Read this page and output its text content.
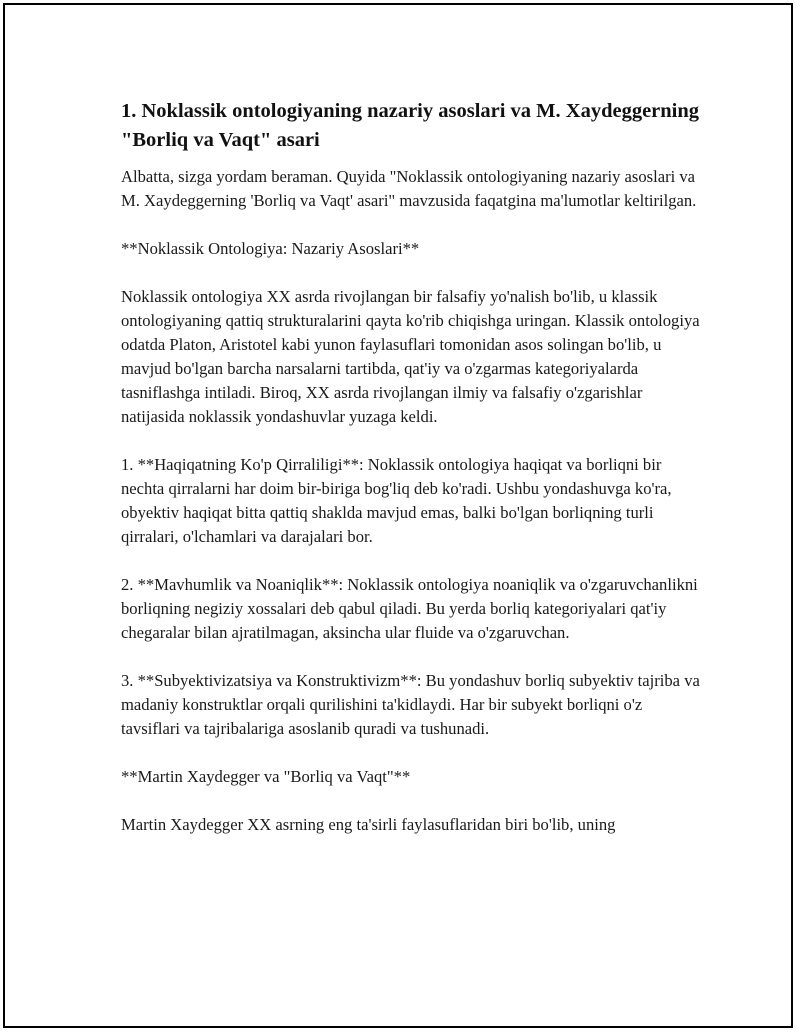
1. Noklassik ontologiyaning nazariy asoslari va M. Xaydeggerning "Borliq va Vaqt" asari

Albatta, sizga yordam beraman. Quyida "Noklassik ontologiyaning nazariy asoslari va M. Xaydeggerning 'Borliq va Vaqt' asari" mavzusida faqatgina ma'lumotlar keltirilgan.

**Noklassik Ontologiya: Nazariy Asoslari**

Noklassik ontologiya XX asrda rivojlangan bir falsafiy yo'nalish bo'lib, u klassik ontologiyaning qattiq strukturalarini qayta ko'rib chiqishga uringan. Klassik ontologiya odatda Platon, Aristotel kabi yunon faylasuflari tomonidan asos solingan bo'lib, u mavjud bo'lgan barcha narsalarni tartibda, qat'iy va o'zgarmas kategoriyalarda tasniflashga intiladi. Biroq, XX asrda rivojlangan ilmiy va falsafiy o'zgarishlar natijasida noklassik yondashuvlar yuzaga keldi.

1. **Haqiqatning Ko'p Qirraliligi**: Noklassik ontologiya haqiqat va borliqni bir nechta qirralarni har doim bir-biriga bog'liq deb ko'radi. Ushbu yondashuvga ko'ra, obyektiv haqiqat bitta qattiq shaklda mavjud emas, balki bo'lgan borliqning turli qirralari, o'lchamlari va darajalari bor.

2. **Mavhumlik va Noaniqlik**: Noklassik ontologiya noaniqlik va o'zgaruvchanlikni borliqning negiziy xossalari deb qabul qiladi. Bu yerda borliq kategoriyalari qat'iy chegaralar bilan ajratilmagan, aksincha ular fluide va o'zgaruvchan.

3. **Subyektivizatsiya va Konstruktivizm**: Bu yondashuv borliq subyektiv tajriba va madaniy konstruktlar orqali qurilishini ta'kidlaydi. Har bir subyekt borliqni o'z tavsiflari va tajribalariga asoslanib quradi va tushunadi.

**Martin Xaydegger va "Borliq va Vaqt"**

Martin Xaydegger XX asrning eng ta'sirli faylasuflaridan biri bo'lib, uning
